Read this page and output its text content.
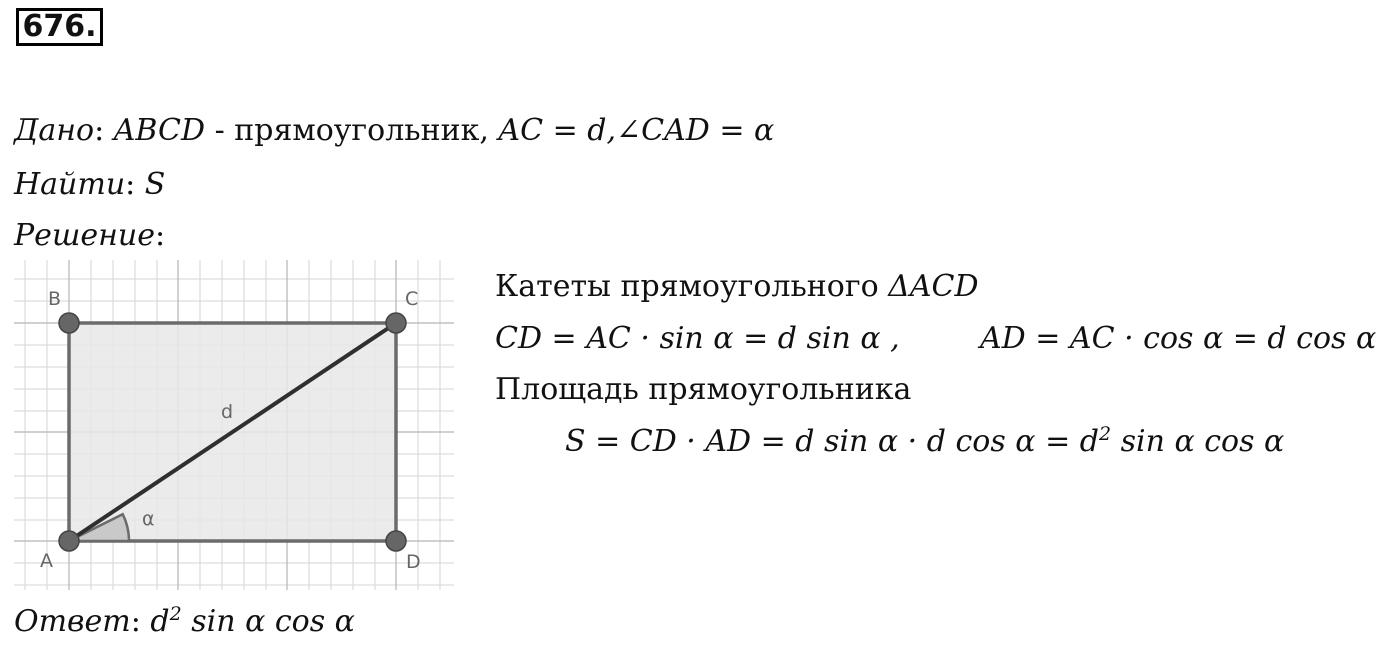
676.
Дано: ABCD - прямоугольник, AC = d,∠CAD = α
Найти: S
Решение:
A
B	C
D
d
α
Катеты прямоугольного ΔACD
CD = AC · sin α = d sin α ,	AD = AC · cos α = d cos α
Площадь прямоугольника
S = CD · AD = d sin α · d $\cos \alpha = d^2$ sin α cos α
Ответ: $d^2$ sin α cos α
